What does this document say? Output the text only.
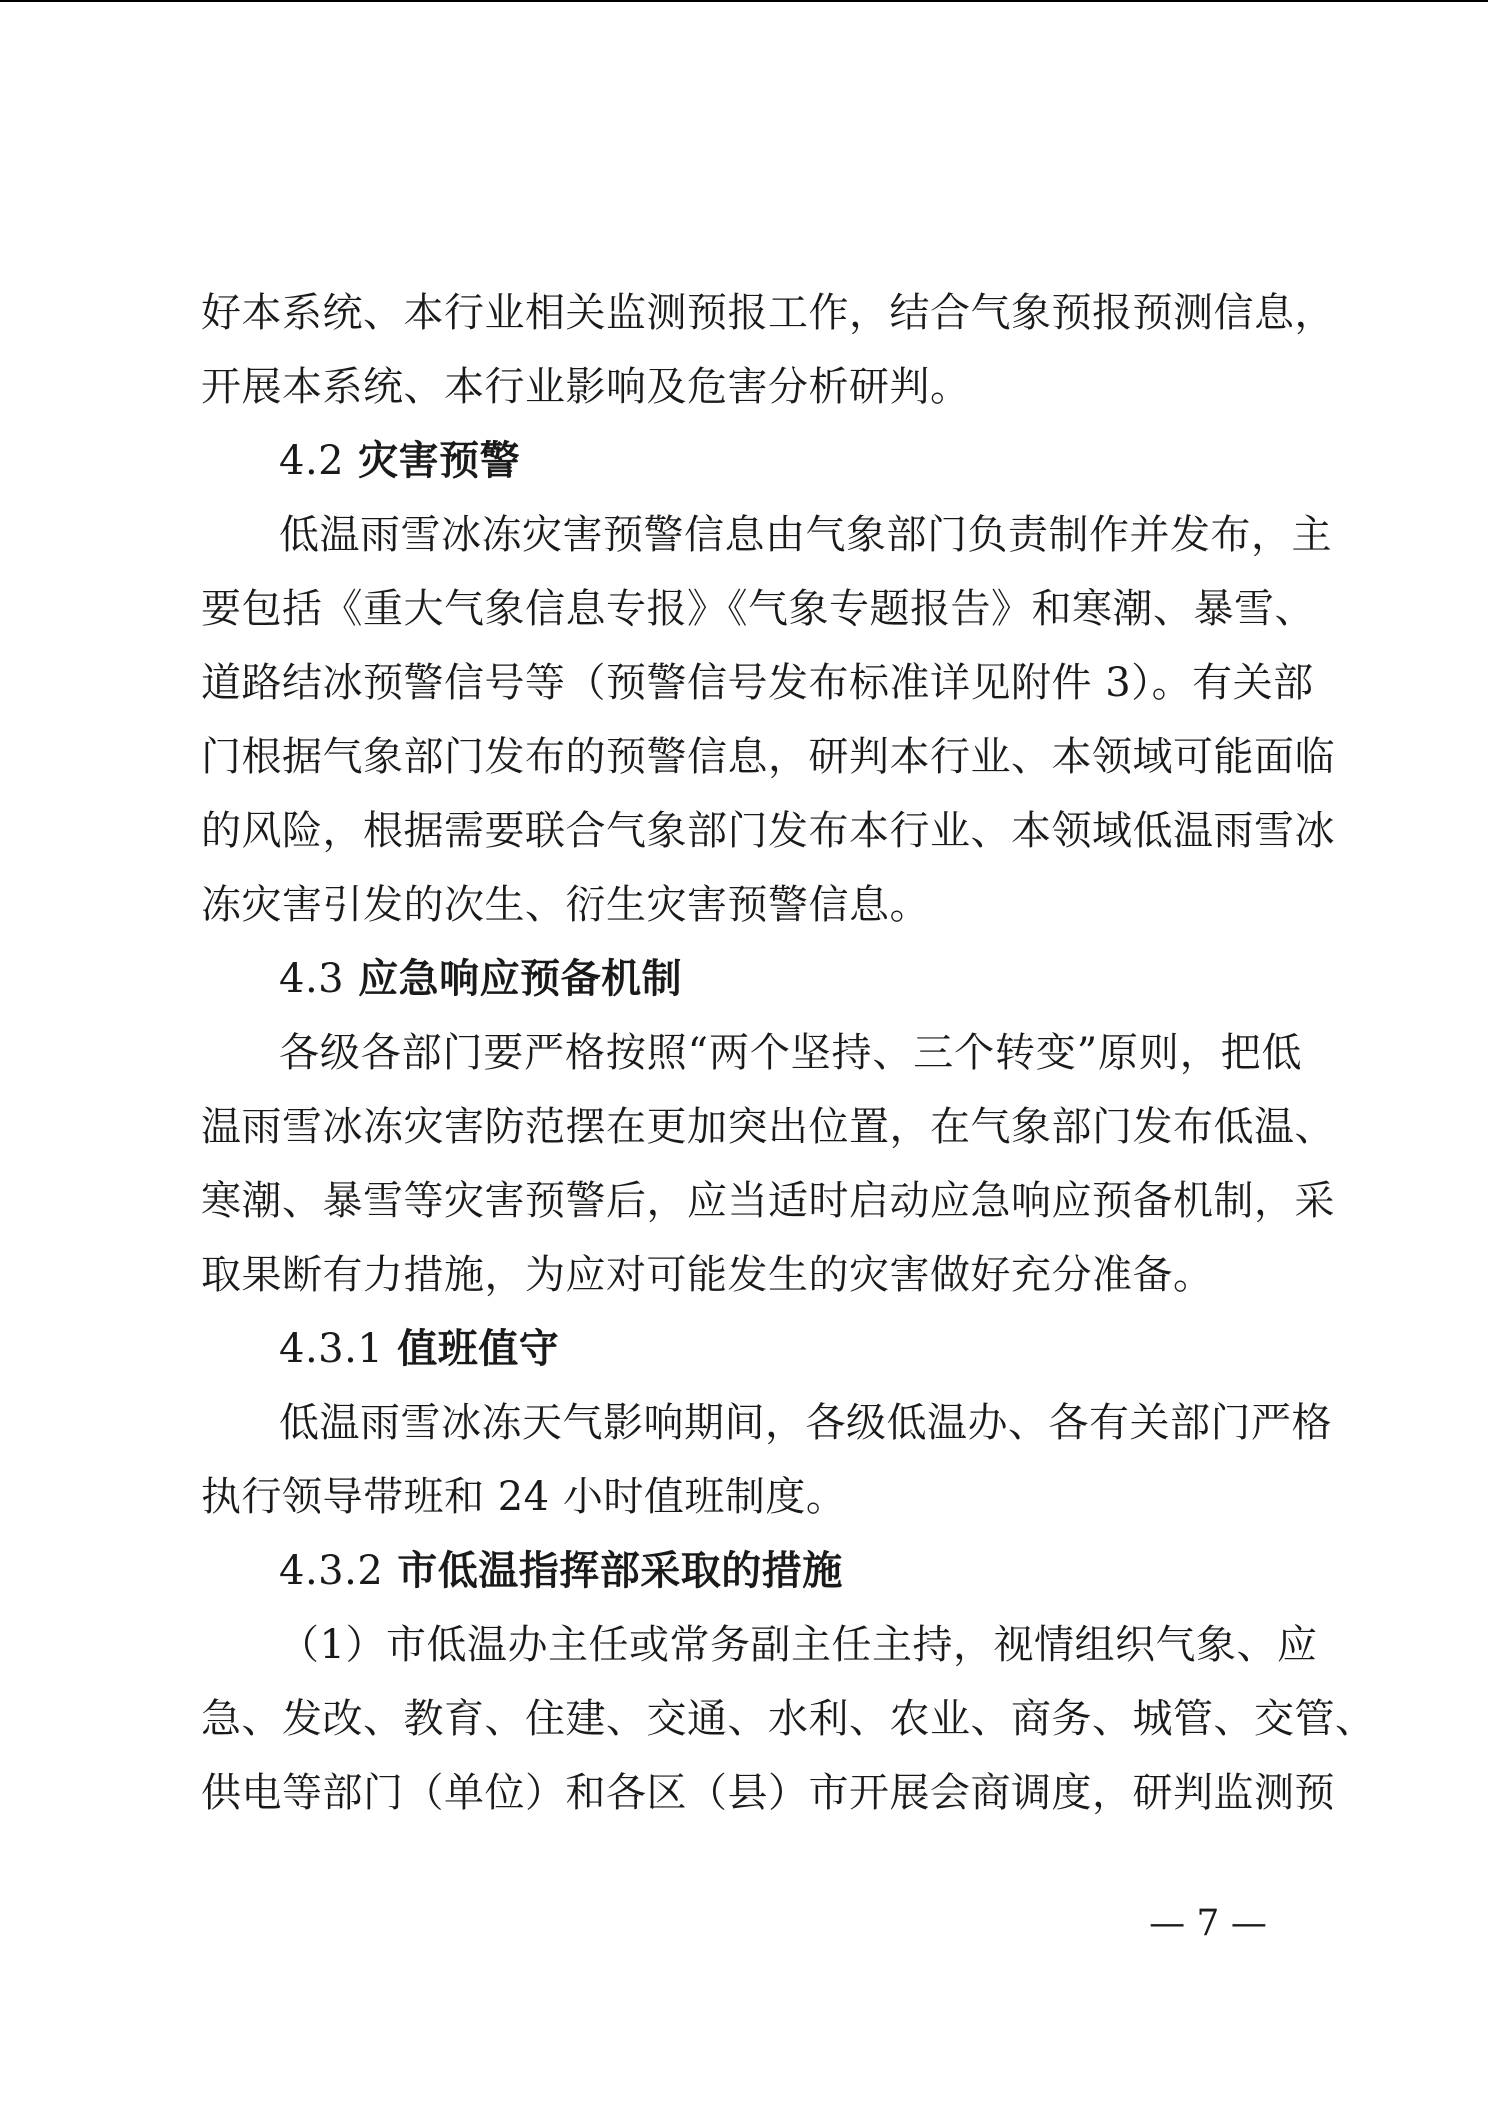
好本系统、本行业相关监测预报工作，结合气象预报预测信息，
开展本系统、本行业影响及危害分析研判。
4.2 灾害预警
低温雨雪冰冻灾害预警信息由气象部门负责制作并发布，主
要包括《重大气象信息专报》《气象专题报告》和寒潮、暴雪、
道路结冰预警信号等（预警信号发布标准详见附件 3）。有关部
门根据气象部门发布的预警信息，研判本行业、本领域可能面临
的风险，根据需要联合气象部门发布本行业、本领域低温雨雪冰
冻灾害引发的次生、衍生灾害预警信息。
4.3 应急响应预备机制
各级各部门要严格按照“两个坚持、三个转变”原则，把低
温雨雪冰冻灾害防范摆在更加突出位置，在气象部门发布低温、
寒潮、暴雪等灾害预警后，应当适时启动应急响应预备机制，采
取果断有力措施，为应对可能发生的灾害做好充分准备。
4.3.1 值班值守
低温雨雪冰冻天气影响期间，各级低温办、各有关部门严格
执行领导带班和 24 小时值班制度。
4.3.2 市低温指挥部采取的措施
（1）市低温办主任或常务副主任主持，视情组织气象、应
急、发改、教育、住建、交通、水利、农业、商务、城管、交管、
供电等部门（单位）和各区（县）市开展会商调度，研判监测预
— 7 —
